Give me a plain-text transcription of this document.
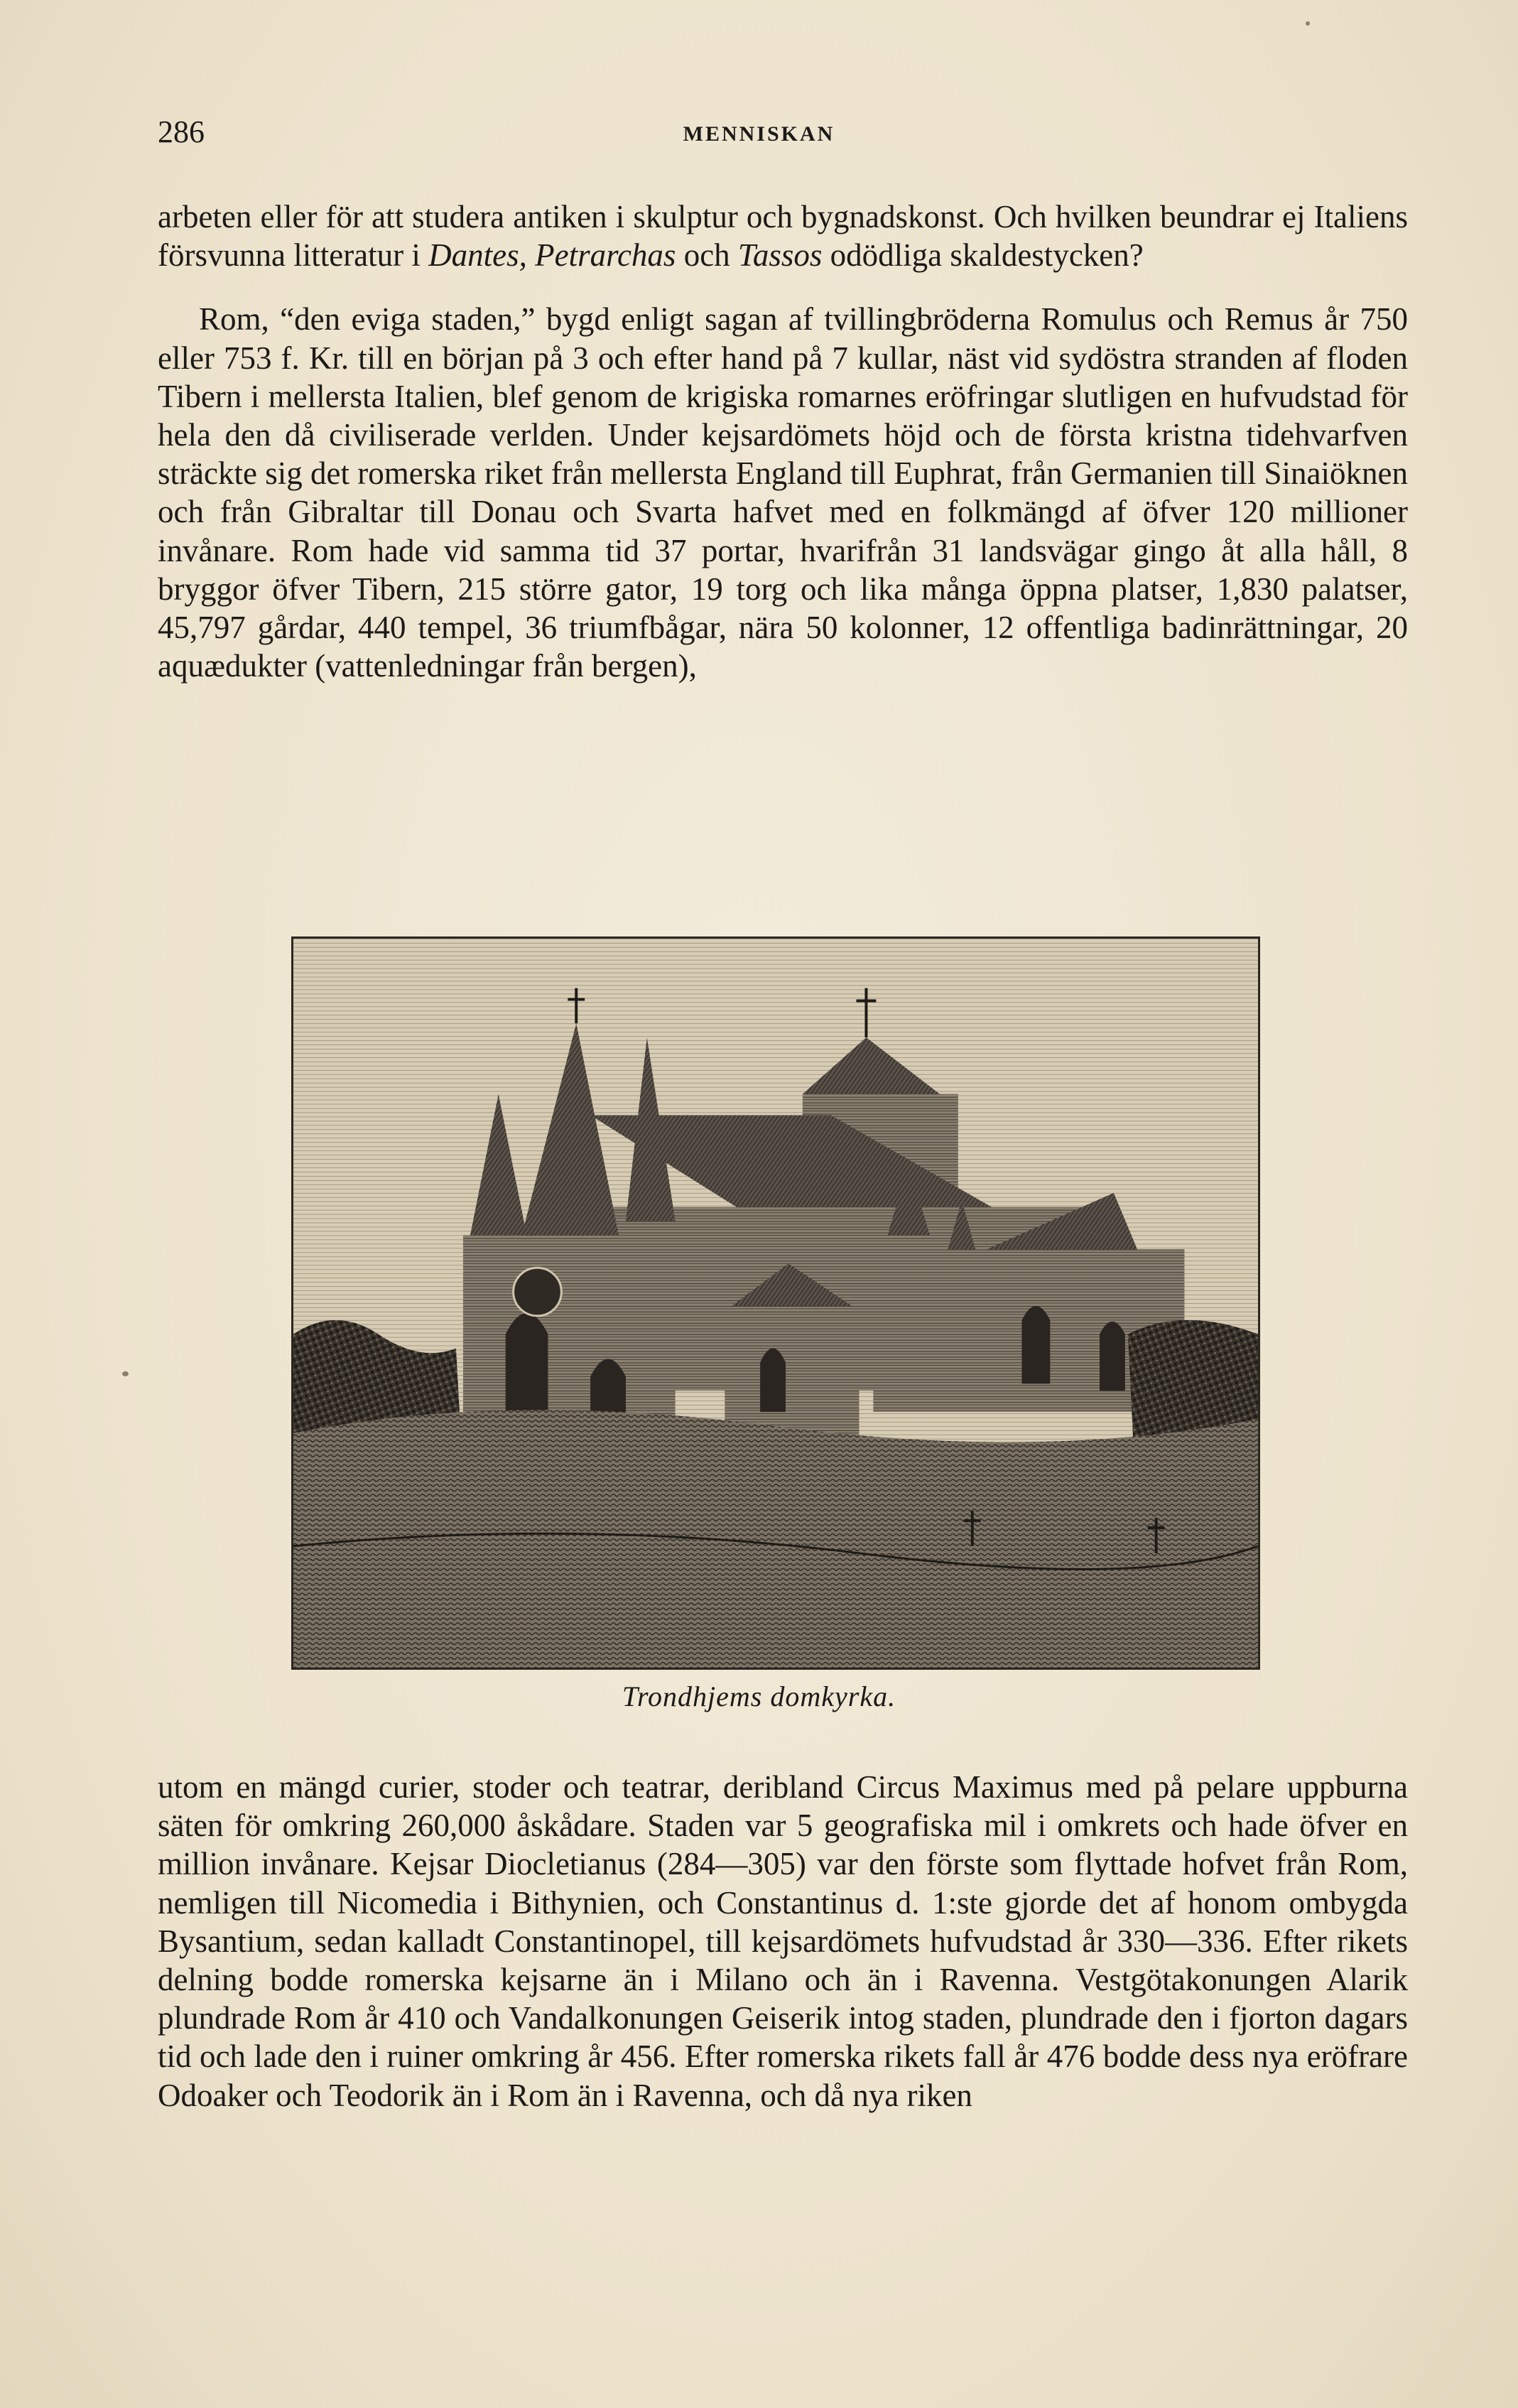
286	MENNISKAN

arbeten eller för att studera antiken i skulptur och bygnadskonst. Och hvilken beundrar ej Italiens försvunna litteratur i Dantes, Petrarchas och Tassos odödliga skaldestycken?

Rom, “den eviga staden,” bygd enligt sagan af tvillingbröderna Romulus och Remus år 750 eller 753 f. Kr. till en början på 3 och efter hand på 7 kullar, näst vid sydöstra stranden af floden Tibern i mellersta Italien, blef genom de krigiska romarnes eröfringar slutligen en hufvudstad för hela den då civiliserade verlden. Under kejsardömets höjd och de första kristna tidehvarfven sträckte sig det romerska riket från mellersta England till Euphrat, från Germanien till Sinaiöknen och från Gibraltar till Donau och Svarta hafvet med en folkmängd af öfver 120 millioner invånare. Rom hade vid samma tid 37 portar, hvarifrån 31 landsvägar gingo åt alla håll, 8 bryggor öfver Tibern, 215 större gator, 19 torg och lika många öppna platser, 1,830 palatser, 45,797 gårdar, 440 tempel, 36 triumfbågar, nära 50 kolonner, 12 offentliga badinrättningar, 20 aquædukter (vattenledningar från bergen),

Trondhjems domkyrka.

utom en mängd curier, stoder och teatrar, deribland Circus Maximus med på pelare uppburna säten för omkring 260,000 åskådare. Staden var 5 geografiska mil i omkrets och hade öfver en million invånare. Kejsar Diocletianus (284—305) var den förste som flyttade hofvet från Rom, nemligen till Nicomedia i Bithynien, och Constantinus d. 1:ste gjorde det af honom ombygda Bysantium, sedan kalladt Constantinopel, till kejsardömets hufvudstad år 330—336. Efter rikets delning bodde romerska kejsarne än i Milano och än i Ravenna. Vestgötakonungen Alarik plundrade Rom år 410 och Vandalkonungen Geiserik intog staden, plundrade den i fjorton dagars tid och lade den i ruiner omkring år 456. Efter romerska rikets fall år 476 bodde dess nya eröfrare Odoaker och Teodorik än i Rom än i Ravenna, och då nya riken
